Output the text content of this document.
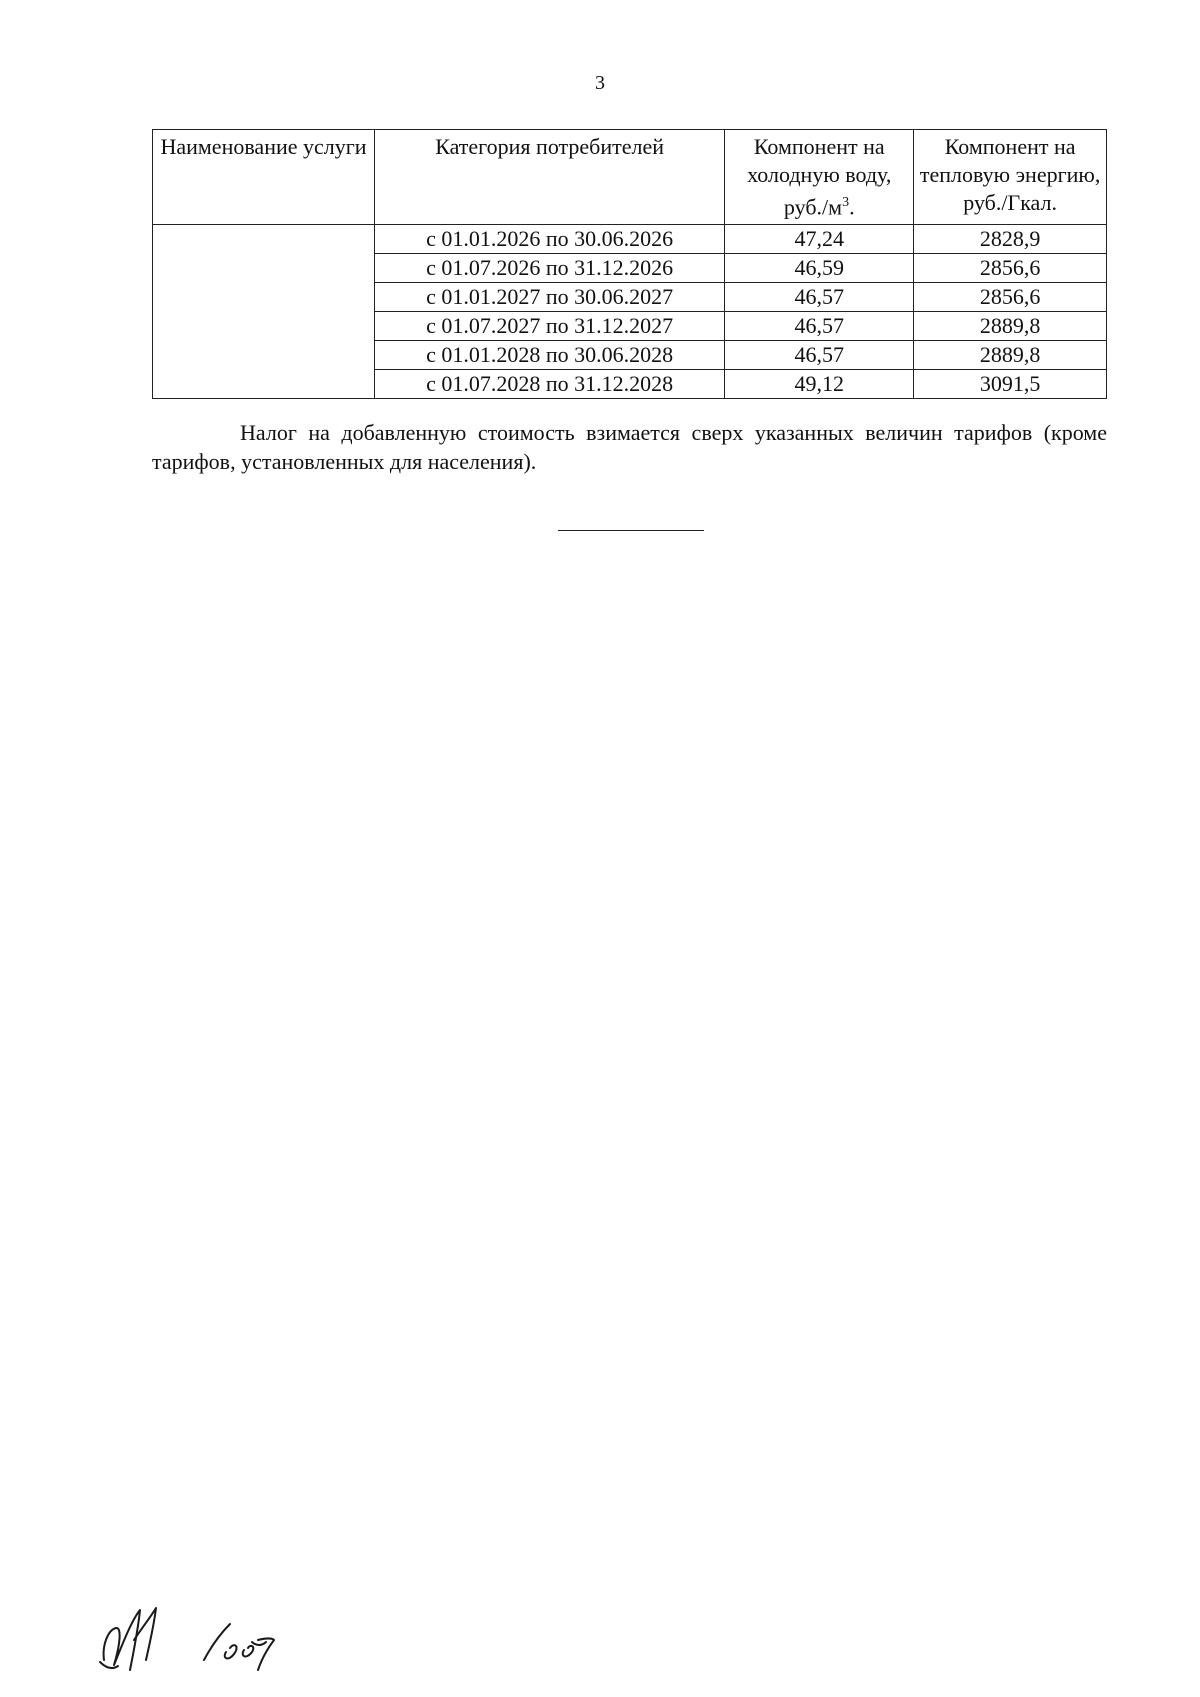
3
Наименование услуги	Категория потребителей	Компонент на холодную воду, $руб./м^3$.	Компонент на тепловую энергию, руб./Гкал.
	с 01.01.2026 по 30.06.2026	47,24	2828,9
	с 01.07.2026 по 31.12.2026	46,59	2856,6
	с 01.01.2027 по 30.06.2027	46,57	2856,6
	с 01.07.2027 по 31.12.2027	46,57	2889,8
	с 01.01.2028 по 30.06.2028	46,57	2889,8
	с 01.07.2028 по 31.12.2028	49,12	3091,5

Налог на добавленную стоимость взимается сверх указанных величин тарифов (кроме тарифов, установленных для населения).
